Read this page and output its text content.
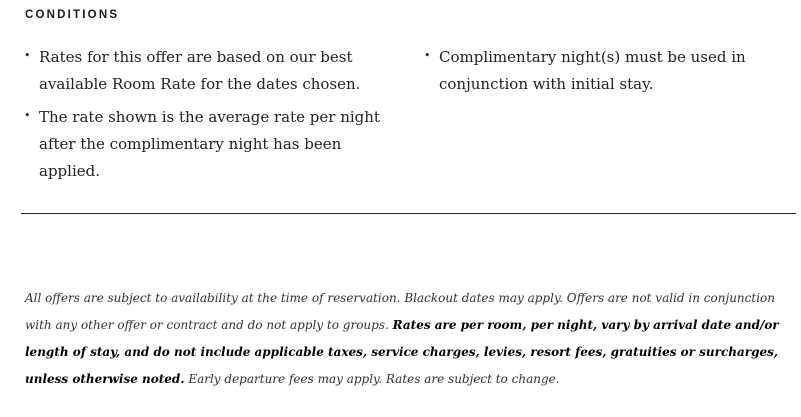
CONDITIONS
• Rates for this offer are based on our best available Room Rate for the dates chosen.
• The rate shown is the average rate per night after the complimentary night has been applied.
• Complimentary night(s) must be used in conjunction with initial stay.

All offers are subject to availability at the time of reservation. Blackout dates may apply. Offers are not valid in conjunction with any other offer or contract and do not apply to groups. Rates are per room, per night, vary by arrival date and/or length of stay, and do not include applicable taxes, service charges, levies, resort fees, gratuities or surcharges, unless otherwise noted. Early departure fees may apply. Rates are subject to change.
